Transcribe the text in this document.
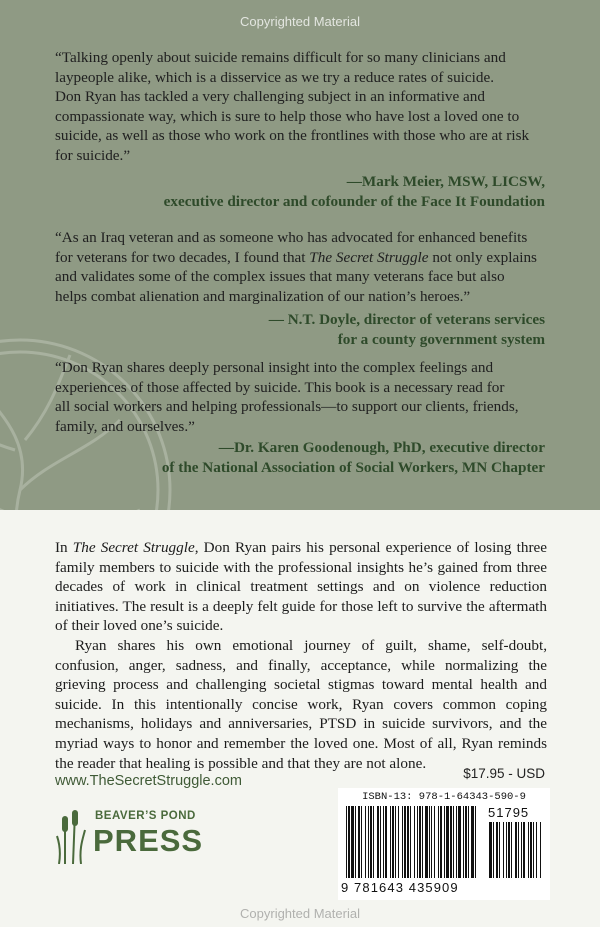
Copyrighted Material

“Talking openly about suicide remains difficult for so many clinicians and
laypeople alike, which is a disservice as we try a reduce rates of suicide.
Don Ryan has tackled a very challenging subject in an informative and
compassionate way, which is sure to help those who have lost a loved one to
suicide, as well as those who work on the frontlines with those who are at risk
for suicide.”

—Mark Meier, MSW, LICSW,
executive director and cofounder of the Face It Foundation

“As an Iraq veteran and as someone who has advocated for enhanced benefits
for veterans for two decades, I found that The Secret Struggle not only explains
and validates some of the complex issues that many veterans face but also
helps combat alienation and marginalization of our nation’s heroes.”

— N.T. Doyle, director of veterans services
for a county government system

“Don Ryan shares deeply personal insight into the complex feelings and
experiences of those affected by suicide. This book is a necessary read for
all social workers and helping professionals—to support our clients, friends,
family, and ourselves.”

—Dr. Karen Goodenough, PhD, executive director
of the National Association of Social Workers, MN Chapter

In The Secret Struggle, Don Ryan pairs his personal experience of losing three family members to suicide with the professional insights he’s gained from three decades of work in clinical treatment settings and on violence reduction initiatives. The result is a deeply felt guide for those left to survive the aftermath of their loved one’s suicide.

Ryan shares his own emotional journey of guilt, shame, self-doubt, confusion, anger, sadness, and finally, acceptance, while normalizing the grieving process and challenging societal stigmas toward mental health and suicide. In this intentionally concise work, Ryan covers common coping mechanisms, holidays and anniversaries, PTSD in suicide survivors, and the myriad ways to honor and remember the loved one. Most of all, Ryan reminds the reader that healing is possible and that they are not alone.

www.TheSecretStruggle.com
BEAVER’S POND
PRESS
$17.95 - USD
ISBN-13: 978-1-64343-590-9
51795
9 781643 435909
Copyrighted Material
